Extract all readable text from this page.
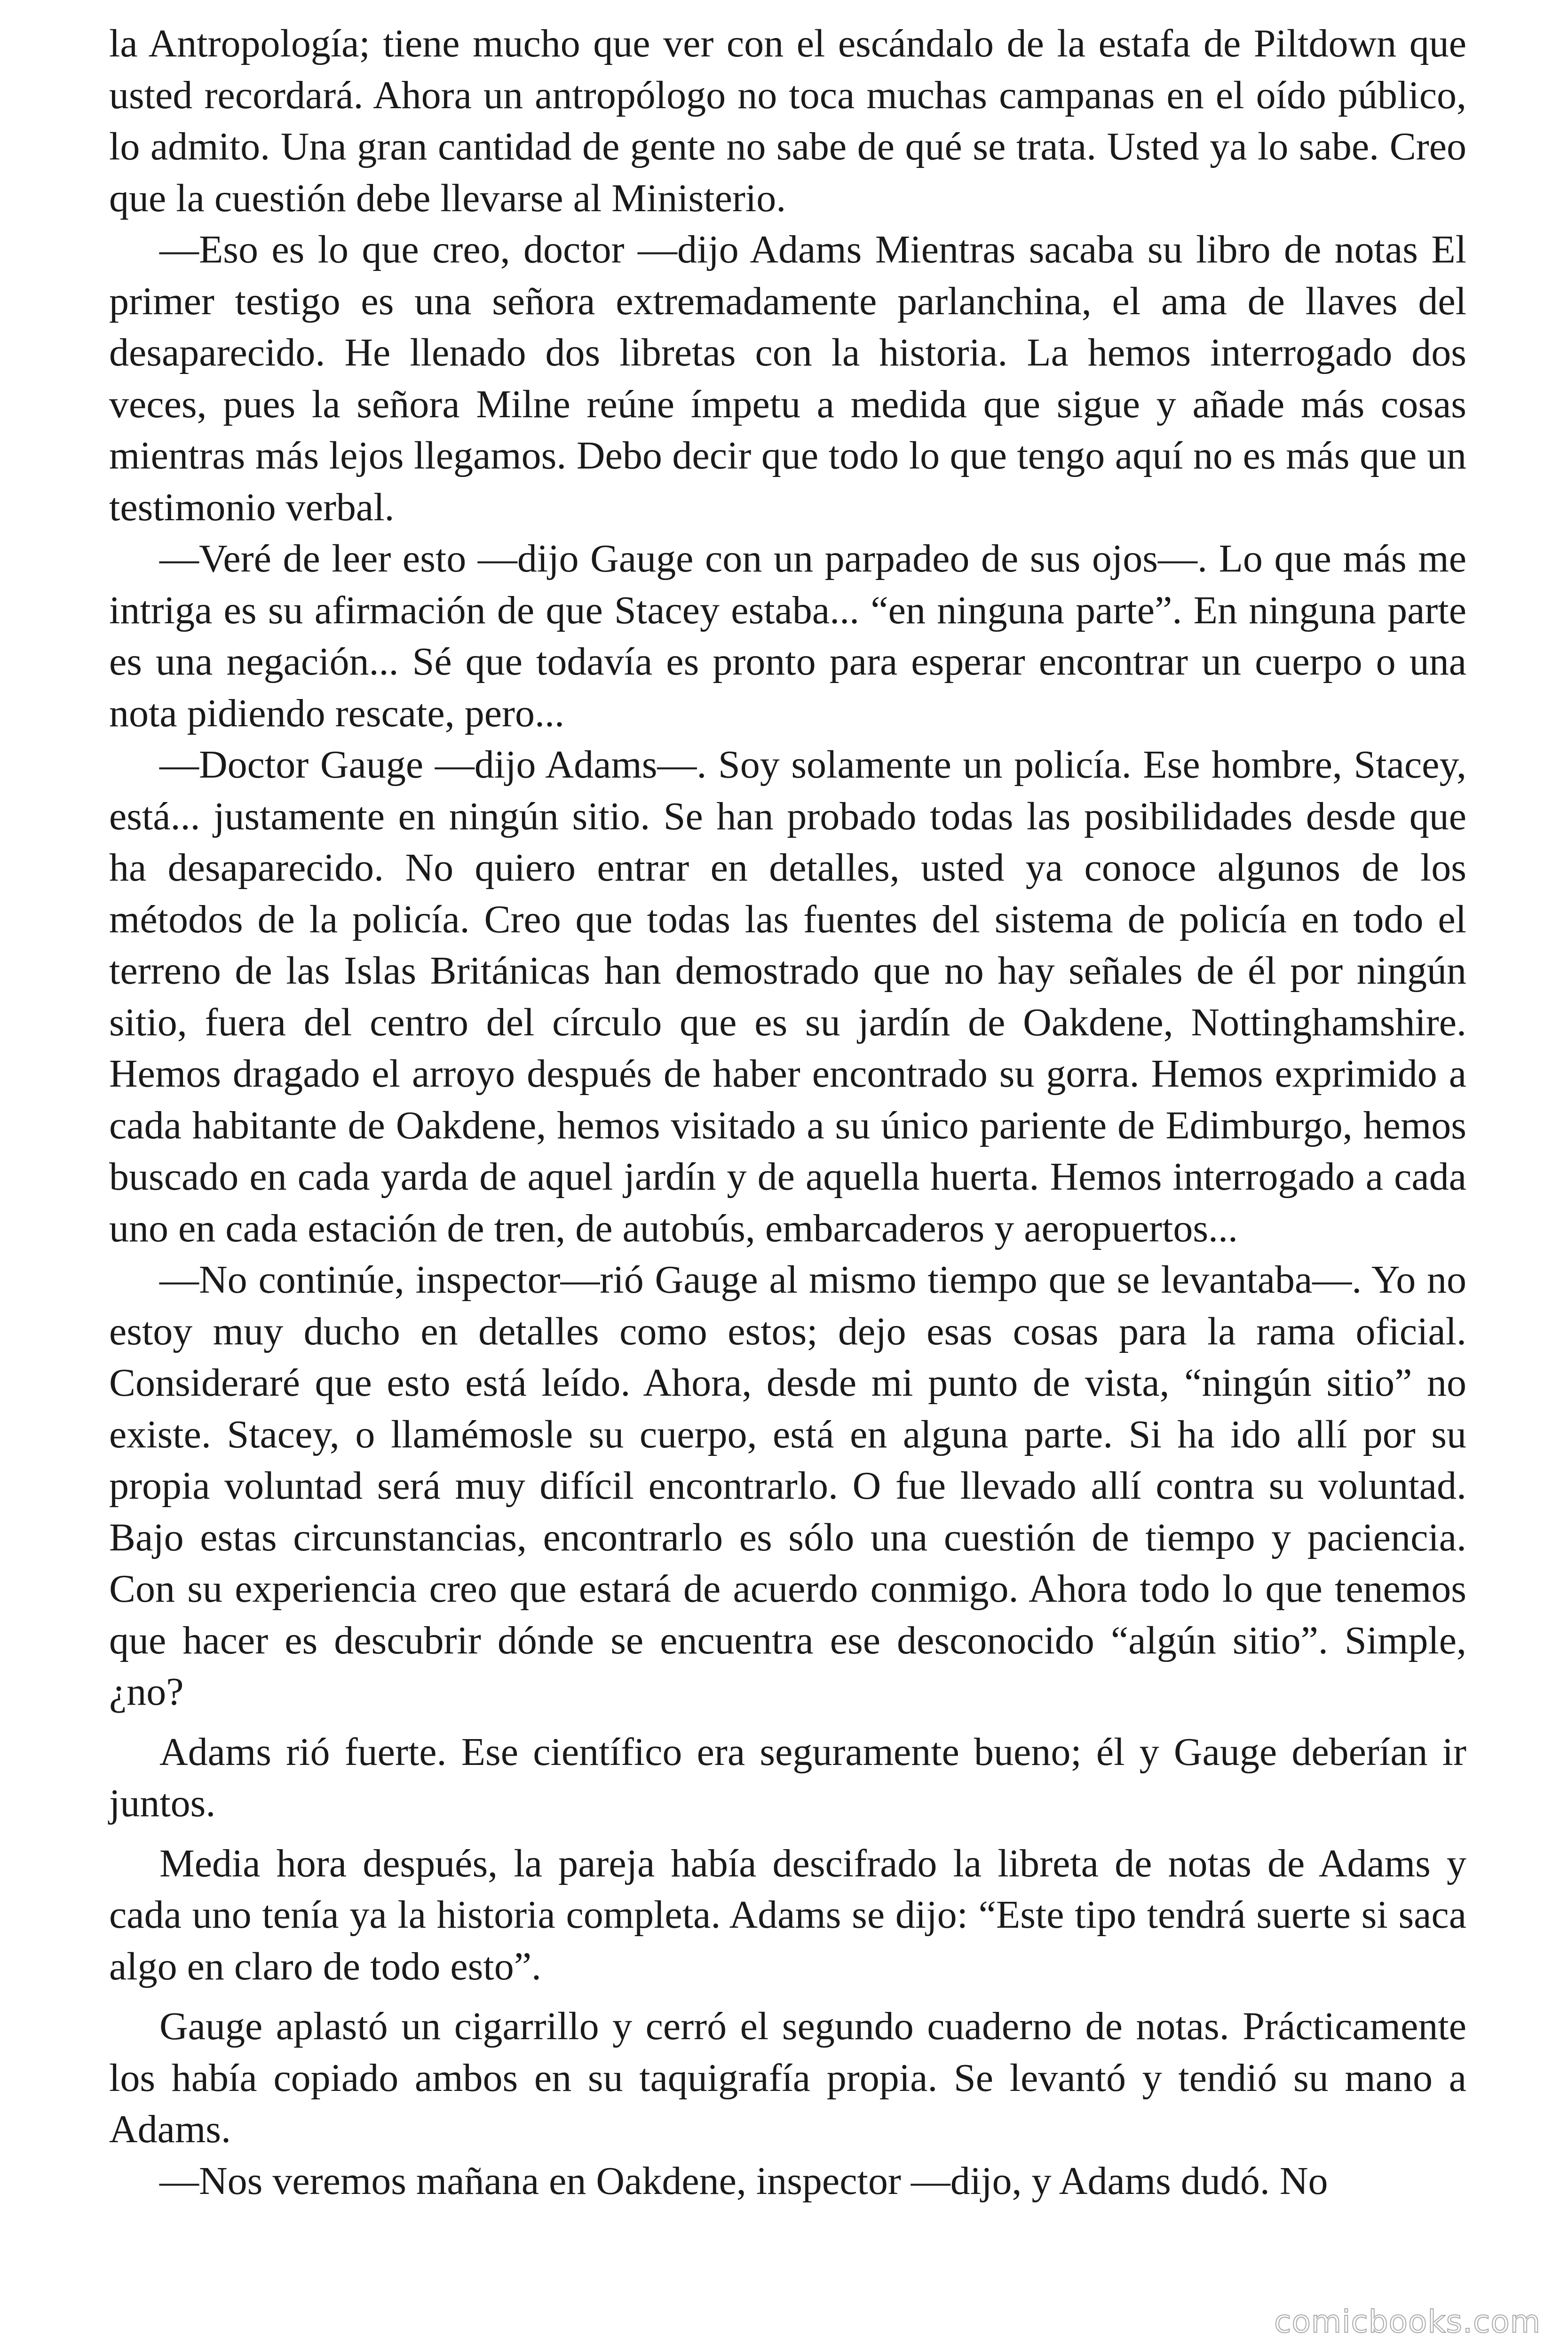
la Antropología; tiene mucho que ver con el escándalo de la estafa de Piltdown que usted recordará. Ahora un antropólogo no toca muchas campanas en el oído público, lo admito. Una gran cantidad de gente no sabe de qué se trata. Usted ya lo sabe. Creo que la cuestión debe llevarse al Ministerio.

—Eso es lo que creo, doctor —dijo Adams Mientras sacaba su libro de notas El primer testigo es una señora extremadamente parlanchina, el ama de llaves del desaparecido. He llenado dos libretas con la historia. La hemos interrogado dos veces, pues la señora Milne reúne ímpetu a medida que sigue y añade más cosas mientras más lejos llegamos. Debo decir que todo lo que tengo aquí no es más que un testimonio verbal.

—Veré de leer esto —dijo Gauge con un parpadeo de sus ojos—. Lo que más me intriga es su afirmación de que Stacey estaba... “en ninguna parte”. En ninguna parte es una negación... Sé que todavía es pronto para esperar encontrar un cuerpo o una nota pidiendo rescate, pero...

—Doctor Gauge —dijo Adams—. Soy solamente un policía. Ese hombre, Stacey, está... justamente en ningún sitio. Se han probado todas las posibilidades desde que ha desaparecido. No quiero entrar en detalles, usted ya conoce algunos de los métodos de la policía. Creo que todas las fuentes del sistema de policía en todo el terreno de las Islas Británicas han demostrado que no hay señales de él por ningún sitio, fuera del centro del círculo que es su jardín de Oakdene, Nottinghamshire. Hemos dragado el arroyo después de haber encontrado su gorra. Hemos exprimido a cada habitante de Oakdene, hemos visitado a su único pariente de Edimburgo, hemos buscado en cada yarda de aquel jardín y de aquella huerta. Hemos interrogado a cada uno en cada estación de tren, de autobús, embarcaderos y aeropuertos...

—No continúe, inspector—rió Gauge al mismo tiempo que se levantaba—. Yo no estoy muy ducho en detalles como estos; dejo esas cosas para la rama oficial. Consideraré que esto está leído. Ahora, desde mi punto de vista, “ningún sitio” no existe. Stacey, o llamémosle su cuerpo, está en alguna parte. Si ha ido allí por su propia voluntad será muy difícil encontrarlo. O fue llevado allí contra su voluntad. Bajo estas circunstancias, encontrarlo es sólo una cuestión de tiempo y paciencia. Con su experiencia creo que estará de acuerdo conmigo. Ahora todo lo que tenemos que hacer es descubrir dónde se encuentra ese desconocido “algún sitio”. Simple, ¿no?

Adams rió fuerte. Ese científico era seguramente bueno; él y Gauge deberían ir juntos.

Media hora después, la pareja había descifrado la libreta de notas de Adams y cada uno tenía ya la historia completa. Adams se dijo: “Este tipo tendrá suerte si saca algo en claro de todo esto”.

Gauge aplastó un cigarrillo y cerró el segundo cuaderno de notas. Prácticamente los había copiado ambos en su taquigrafía propia. Se levantó y tendió su mano a Adams.

—Nos veremos mañana en Oakdene, inspector —dijo, y Adams dudó. No

comicbooks.com
